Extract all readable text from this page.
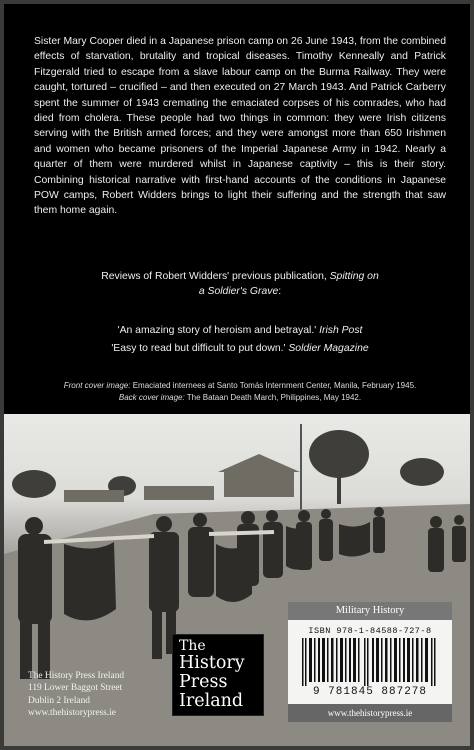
Sister Mary Cooper died in a Japanese prison camp on 26 June 1943, from the combined effects of starvation, brutality and tropical diseases. Timothy Kenneally and Patrick Fitzgerald tried to escape from a slave labour camp on the Burma Railway. They were caught, tortured – crucified – and then executed on 27 March 1943. And Patrick Carberry spent the summer of 1943 cremating the emaciated corpses of his comrades, who had died from cholera. These people had two things in common: they were Irish citizens serving with the British armed forces; and they were amongst more than 650 Irishmen and women who became prisoners of the Imperial Japanese Army in 1942. Nearly a quarter of them were murdered whilst in Japanese captivity – this is their story. Combining historical narrative with first-hand accounts of the conditions in Japanese POW camps, Robert Widders brings to light their suffering and the strength that saw them home again.

Reviews of Robert Widders' previous publication, Spitting on
a Soldier's Grave:
'An amazing story of heroism and betrayal.' Irish Post
'Easy to read but difficult to put down.' Soldier Magazine
Front cover image: Emaciated internees at Santo Tomás Internment Center, Manila, February 1945.
Back cover image: The Bataan Death March, Philippines, May 1942.
The History Press Ireland
119 Lower Baggot Street
Dublin 2 Ireland
www.thehistorypress.ie
The
History
Press
Ireland
Military History
ISBN 978-1-84588-727-8
9 781845 887278
www.thehistorypress.ie
